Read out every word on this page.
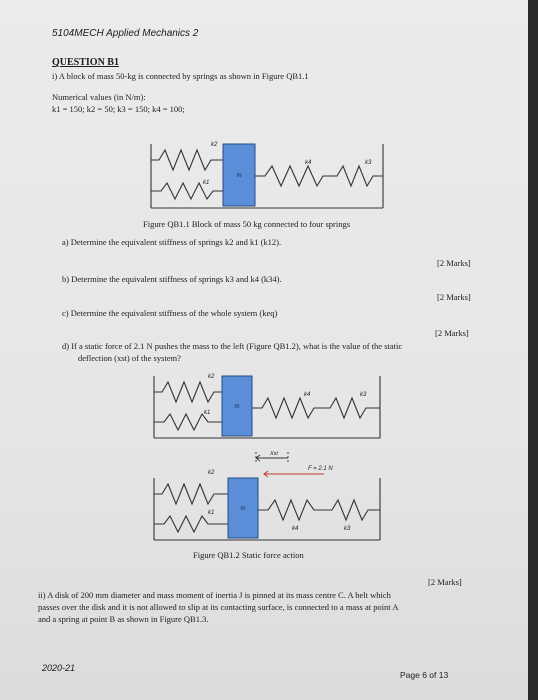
5104MECH Applied Mechanics 2
QUESTION B1
i) A block of mass 50-kg is connected by springs as shown in Figure QB1.1
Numerical values (in N/m):
k1 = 150; k2 = 50; k3 = 150; k4 = 100;
m
k2
k1
k4	k3
Figure QB1.1 Block of mass 50 kg connected to four springs
a) Determine the equivalent stiffness of springs k2 and k1 (k12).
[2 Marks]
b) Determine the equivalent stiffness of springs k3 and k4 (k34).
[2 Marks]
c) Determine the equivalent stiffness of the whole system (keq)
[2 Marks]
d) If a static force of 2.1 N pushes the mass to the left (Figure QB1.2), what is the value of the static
deflection (xst) of the system?
m
k2
k1
k4	k3
Xst
m
k2
k1
k4	k3
F = 2.1 N
Figure QB1.2 Static force action
[2 Marks]
ii) A disk of 200 mm diameter and mass moment of inertia J is pinned at its mass centre C. A belt which
passes over the disk and it is not allowed to slip at its contacting surface, is connected to a mass at point A
and a spring at point B as shown in Figure QB1.3.
2020-21
Page 6 of 13
